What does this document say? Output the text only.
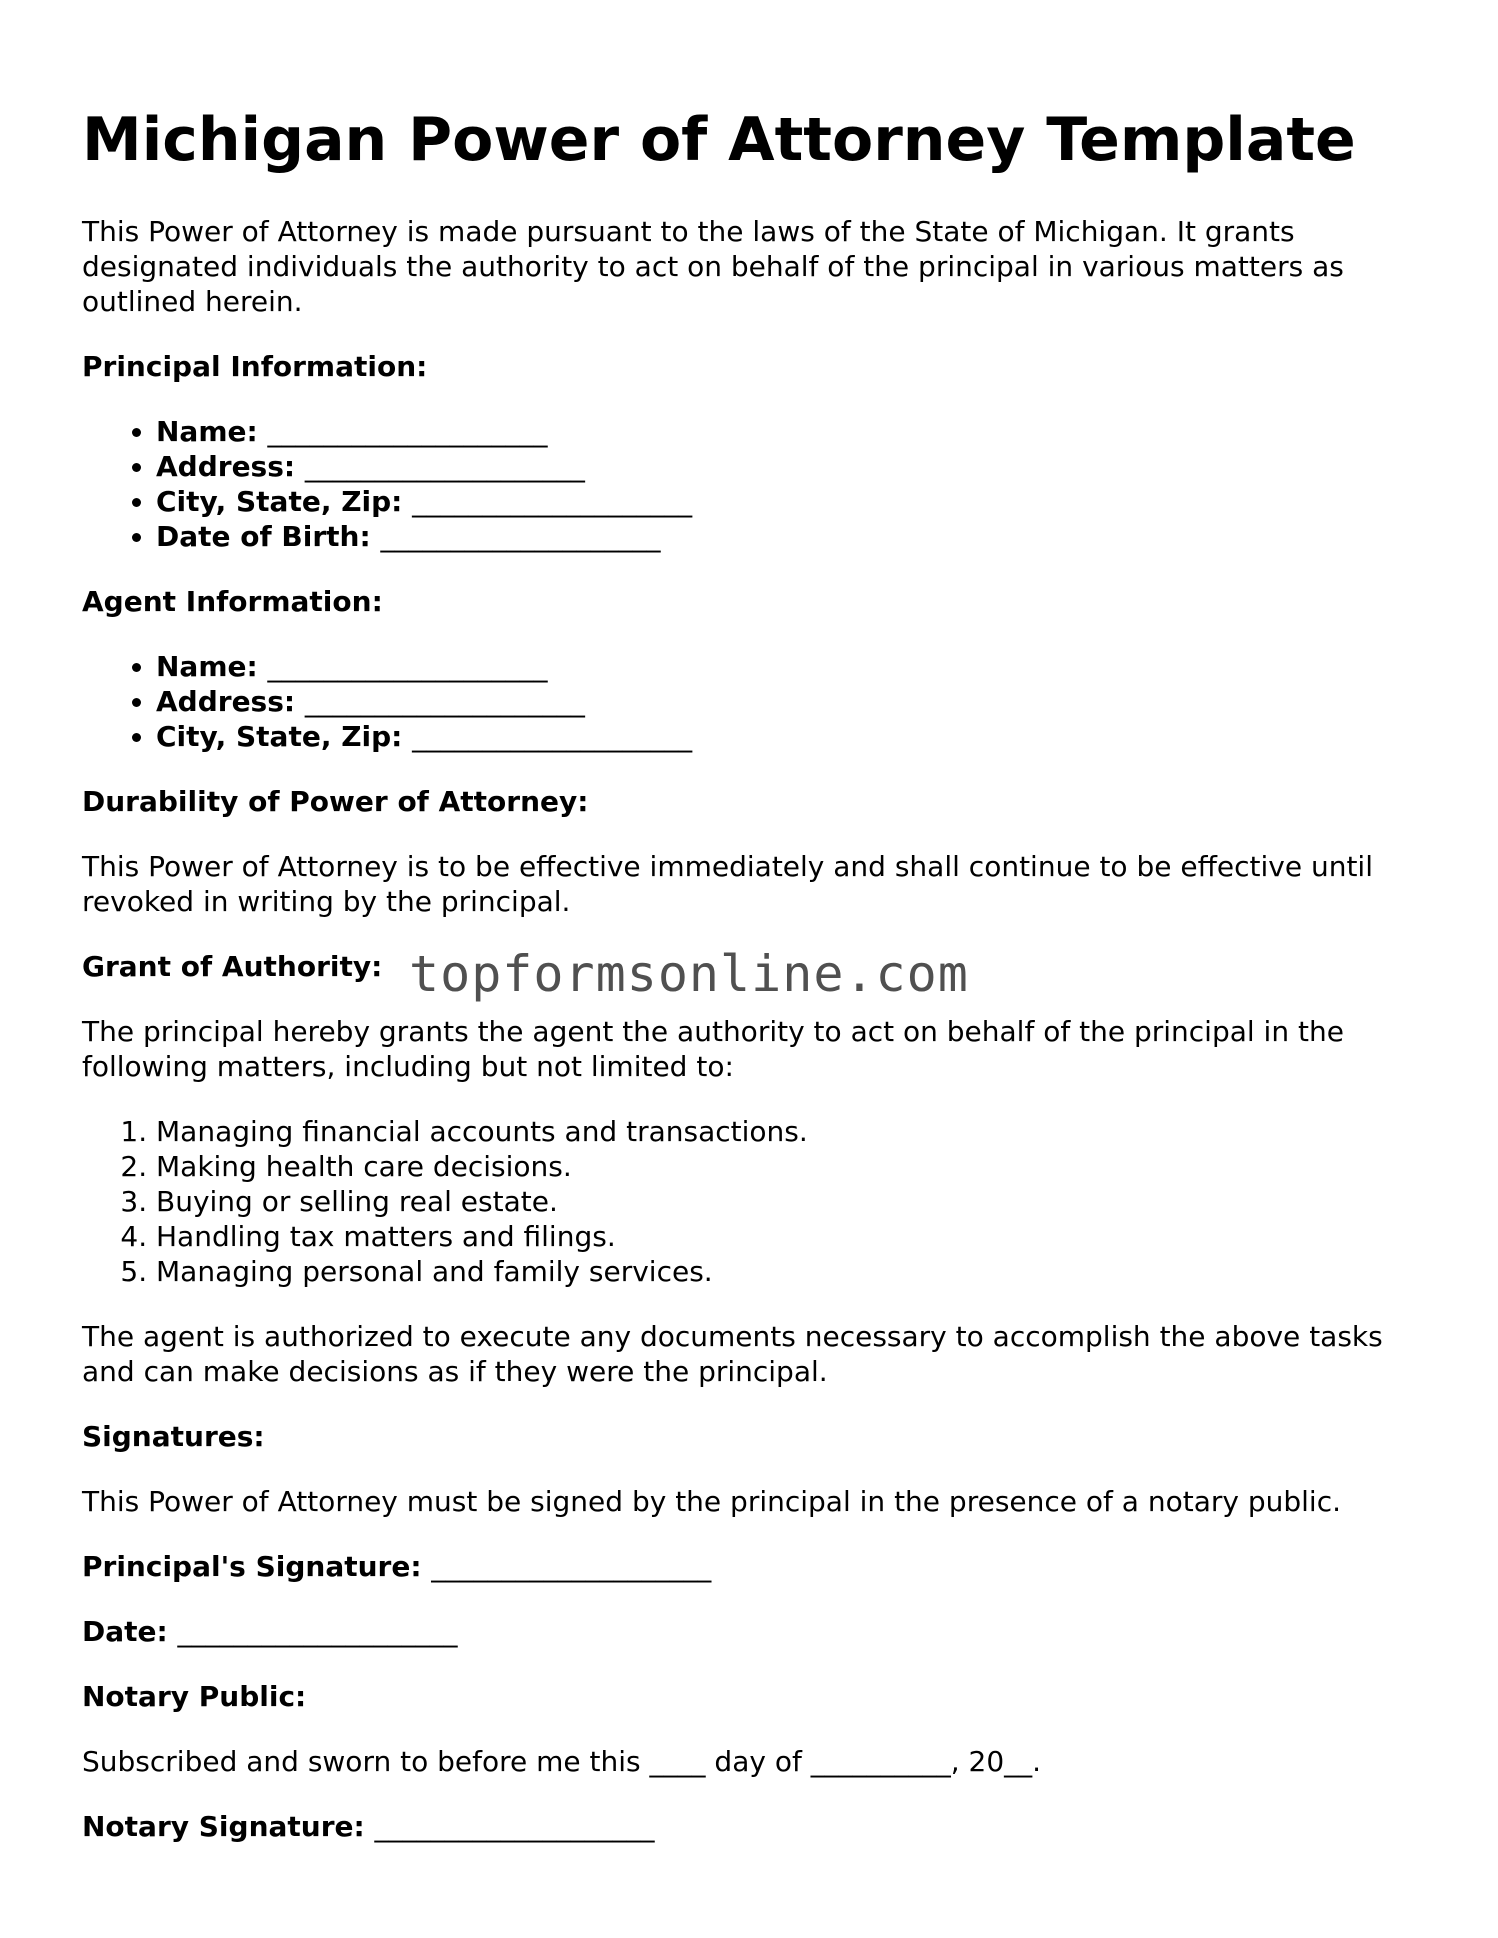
Michigan Power of Attorney Template

This Power of Attorney is made pursuant to the laws of the State of Michigan. It grants designated individuals the authority to act on behalf of the principal in various matters as outlined herein.

Principal Information:

• Name: ____________________
• Address: ____________________
• City, State, Zip: ____________________
• Date of Birth: ____________________

Agent Information:

• Name: ____________________
• Address: ____________________
• City, State, Zip: ____________________

Durability of Power of Attorney:

This Power of Attorney is to be effective immediately and shall continue to be effective until revoked in writing by the principal.

Grant of Authority:

The principal hereby grants the agent the authority to act on behalf of the principal in the following matters, including but not limited to:

1. Managing financial accounts and transactions.
2. Making health care decisions.
3. Buying or selling real estate.
4. Handling tax matters and filings.
5. Managing personal and family services.

The agent is authorized to execute any documents necessary to accomplish the above tasks and can make decisions as if they were the principal.

Signatures:

This Power of Attorney must be signed by the principal in the presence of a notary public.

Principal's Signature: ____________________

Date: ____________________

Notary Public:

Subscribed and sworn to before me this ____ day of __________, 20__.

Notary Signature: ____________________

topformsonline.com
